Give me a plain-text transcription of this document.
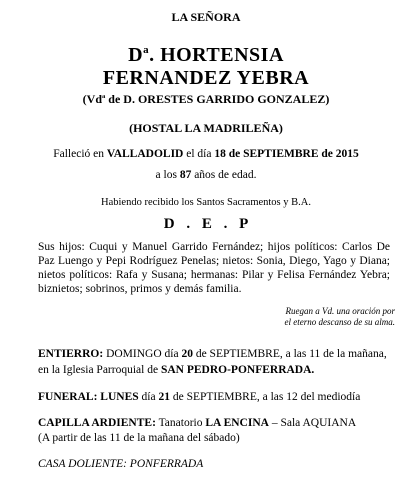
LA SEÑORA
$D^a$. HORTENSIA
FERNANDEZ YEBRA
(Vd$^a$ de D. ORESTES GARRIDO GONZALEZ)
(HOSTAL LA MADRILEÑA)
Falleció en VALLADOLID el día 18 de SEPTIEMBRE de 2015
a los 87 años de edad.
Habiendo recibido los Santos Sacramentos y B.A.
D . E . P
Sus hijos: Cuqui y Manuel Garrido Fernández; hijos políticos: Carlos De Paz Luengo y Pepi Rodríguez Penelas; nietos: Sonia, Diego, Yago y Diana; nietos políticos: Rafa y Susana; hermanas: Pilar y Felisa Fernández Yebra; biznietos; sobrinos, primos y demás familia.
Ruegan a Vd. una oración por
el eterno descanso de su alma.
ENTIERRO: DOMINGO día 20 de SEPTIEMBRE, a las 11 de la mañana,
en la Iglesia Parroquial de SAN PEDRO-PONFERRADA.
FUNERAL: LUNES día 21 de SEPTIEMBRE, a las 12 del mediodía
CAPILLA ARDIENTE: Tanatorio LA ENCINA – Sala AQUIANA
(A partir de las 11 de la mañana del sábado)
CASA DOLIENTE: PONFERRADA
